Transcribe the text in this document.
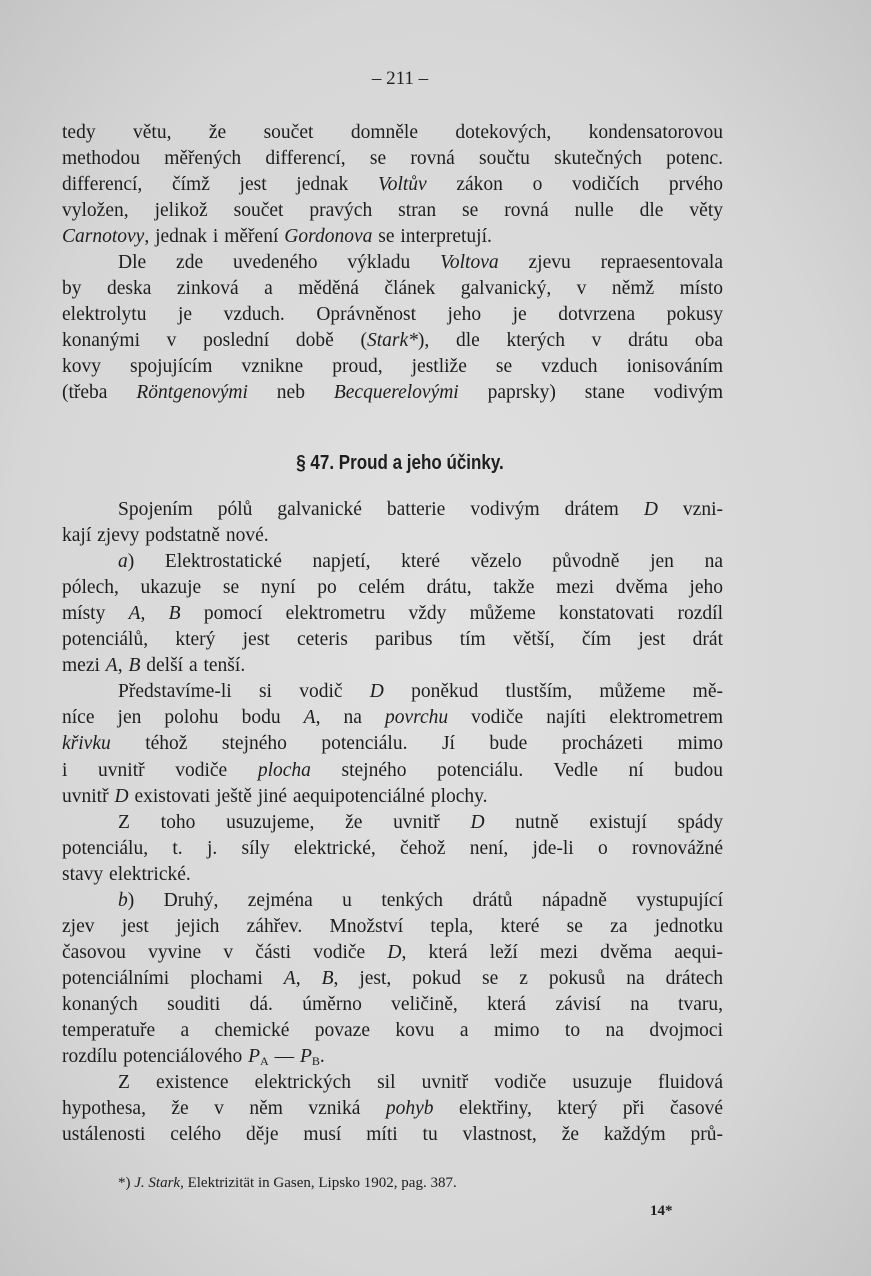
– 211 –
tedy větu, že součet domněle dotekových, kondensatorovou
methodou měřených differencí, se rovná součtu skutečných potenc.
differencí, čímž jest jednak Voltův zákon o vodičích prvého
vyložen, jelikož součet pravých stran se rovná nulle dle věty
Carnotovy, jednak i měření Gordonova se interpretují.
Dle zde uvedeného výkladu Voltova zjevu repraesentovala
by deska zinková a měděná článek galvanický, v němž místo
elektrolytu je vzduch. Oprávněnost jeho je dotvrzena pokusy
konanými v poslední době (Stark*), dle kterých v drátu oba
kovy spojujícím vznikne proud, jestliže se vzduch ionisováním
(třeba Röntgenovými neb Becquerelovými paprsky) stane vodivým
Spojením pólů galvanické batterie vodivým drátem D vzni-
kají zjevy podstatně nové.
a) Elektrostatické napjetí, které vězelo původně jen na
pólech, ukazuje se nyní po celém drátu, takže mezi dvěma jeho
místy A, B pomocí elektrometru vždy můžeme konstatovati rozdíl
potenciálů, který jest ceteris paribus tím větší, čím jest drát
mezi A, B delší a tenší.
Představíme-li si vodič D poněkud tlustším, můžeme mě-
níce jen polohu bodu A, na povrchu vodiče najíti elektrometrem
křivku téhož stejného potenciálu. Jí bude procházeti mimo
i uvnitř vodiče plocha stejného potenciálu. Vedle ní budou
uvnitř D existovati ještě jiné aequipotenciálné plochy.
Z toho usuzujeme, že uvnitř D nutně existují spády
potenciálu, t. j. síly elektrické, čehož není, jde-li o rovnovážné
stavy elektrické.
b) Druhý, zejména u tenkých drátů nápadně vystupující
zjev jest jejich záhřev. Množství tepla, které se za jednotku
časovou vyvine v části vodiče D, která leží mezi dvěma aequi-
potenciálními plochami A, B, jest, pokud se z pokusů na drátech
konaných souditi dá. úměrno veličině, která závisí na tvaru,
temperatuře a chemické povaze kovu a mimo to na dvojmoci
rozdílu potenciálového $P_A$ — $P_B$.
Z existence elektrických sil uvnitř vodiče usuzuje fluidová
hypothesa, že v něm vzniká pohyb elektřiny, který při časové
ustálenosti celého děje musí míti tu vlastnost, že každým prů-
§ 47. Proud a jeho účinky.
*) J. Stark, Elektrizität in Gasen, Lipsko 1902, pag. 387.
14*
